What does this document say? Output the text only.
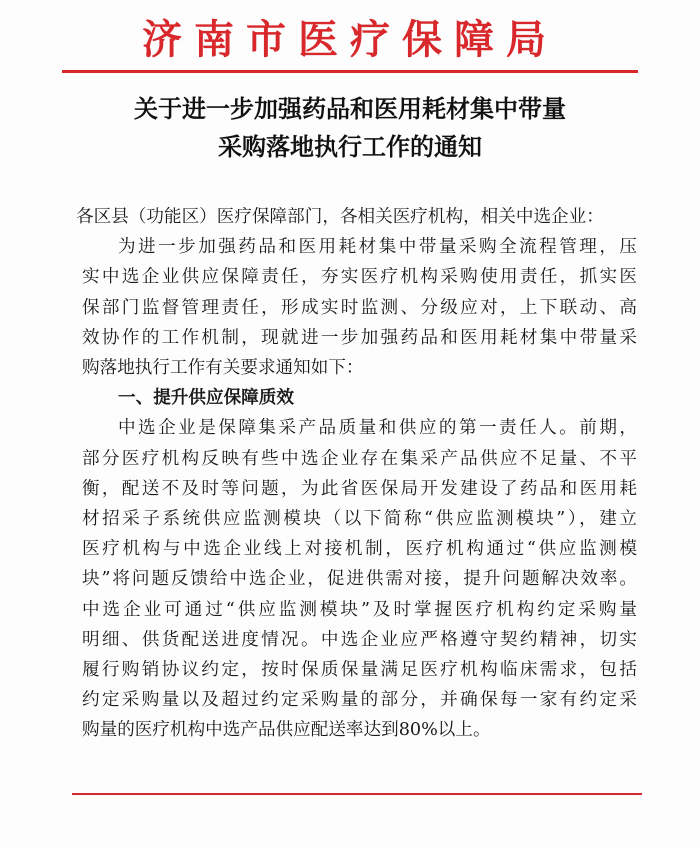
济南市医疗保障局
关于进一步加强药品和医用耗材集中带量
采购落地执行工作的通知

各区县（功能区）医疗保障部门，各相关医疗机构，相关中选企业：

为进一步加强药品和医用耗材集中带量采购全流程管理，压
实中选企业供应保障责任，夯实医疗机构采购使用责任，抓实医
保部门监督管理责任，形成实时监测、分级应对，上下联动、高
效协作的工作机制，现就进一步加强药品和医用耗材集中带量采
购落地执行工作有关要求通知如下：

一、提升供应保障质效

中选企业是保障集采产品质量和供应的第一责任人。前期，
部分医疗机构反映有些中选企业存在集采产品供应不足量、不平
衡，配送不及时等问题，为此省医保局开发建设了药品和医用耗
材招采子系统供应监测模块（以下简称“供应监测模块”），建立
医疗机构与中选企业线上对接机制，医疗机构通过“供应监测模
块”将问题反馈给中选企业，促进供需对接，提升问题解决效率。
中选企业可通过“供应监测模块”及时掌握医疗机构约定采购量
明细、供货配送进度情况。中选企业应严格遵守契约精神，切实
履行购销协议约定，按时保质保量满足医疗机构临床需求，包括
约定采购量以及超过约定采购量的部分，并确保每一家有约定采
购量的医疗机构中选产品供应配送率达到80%以上。
